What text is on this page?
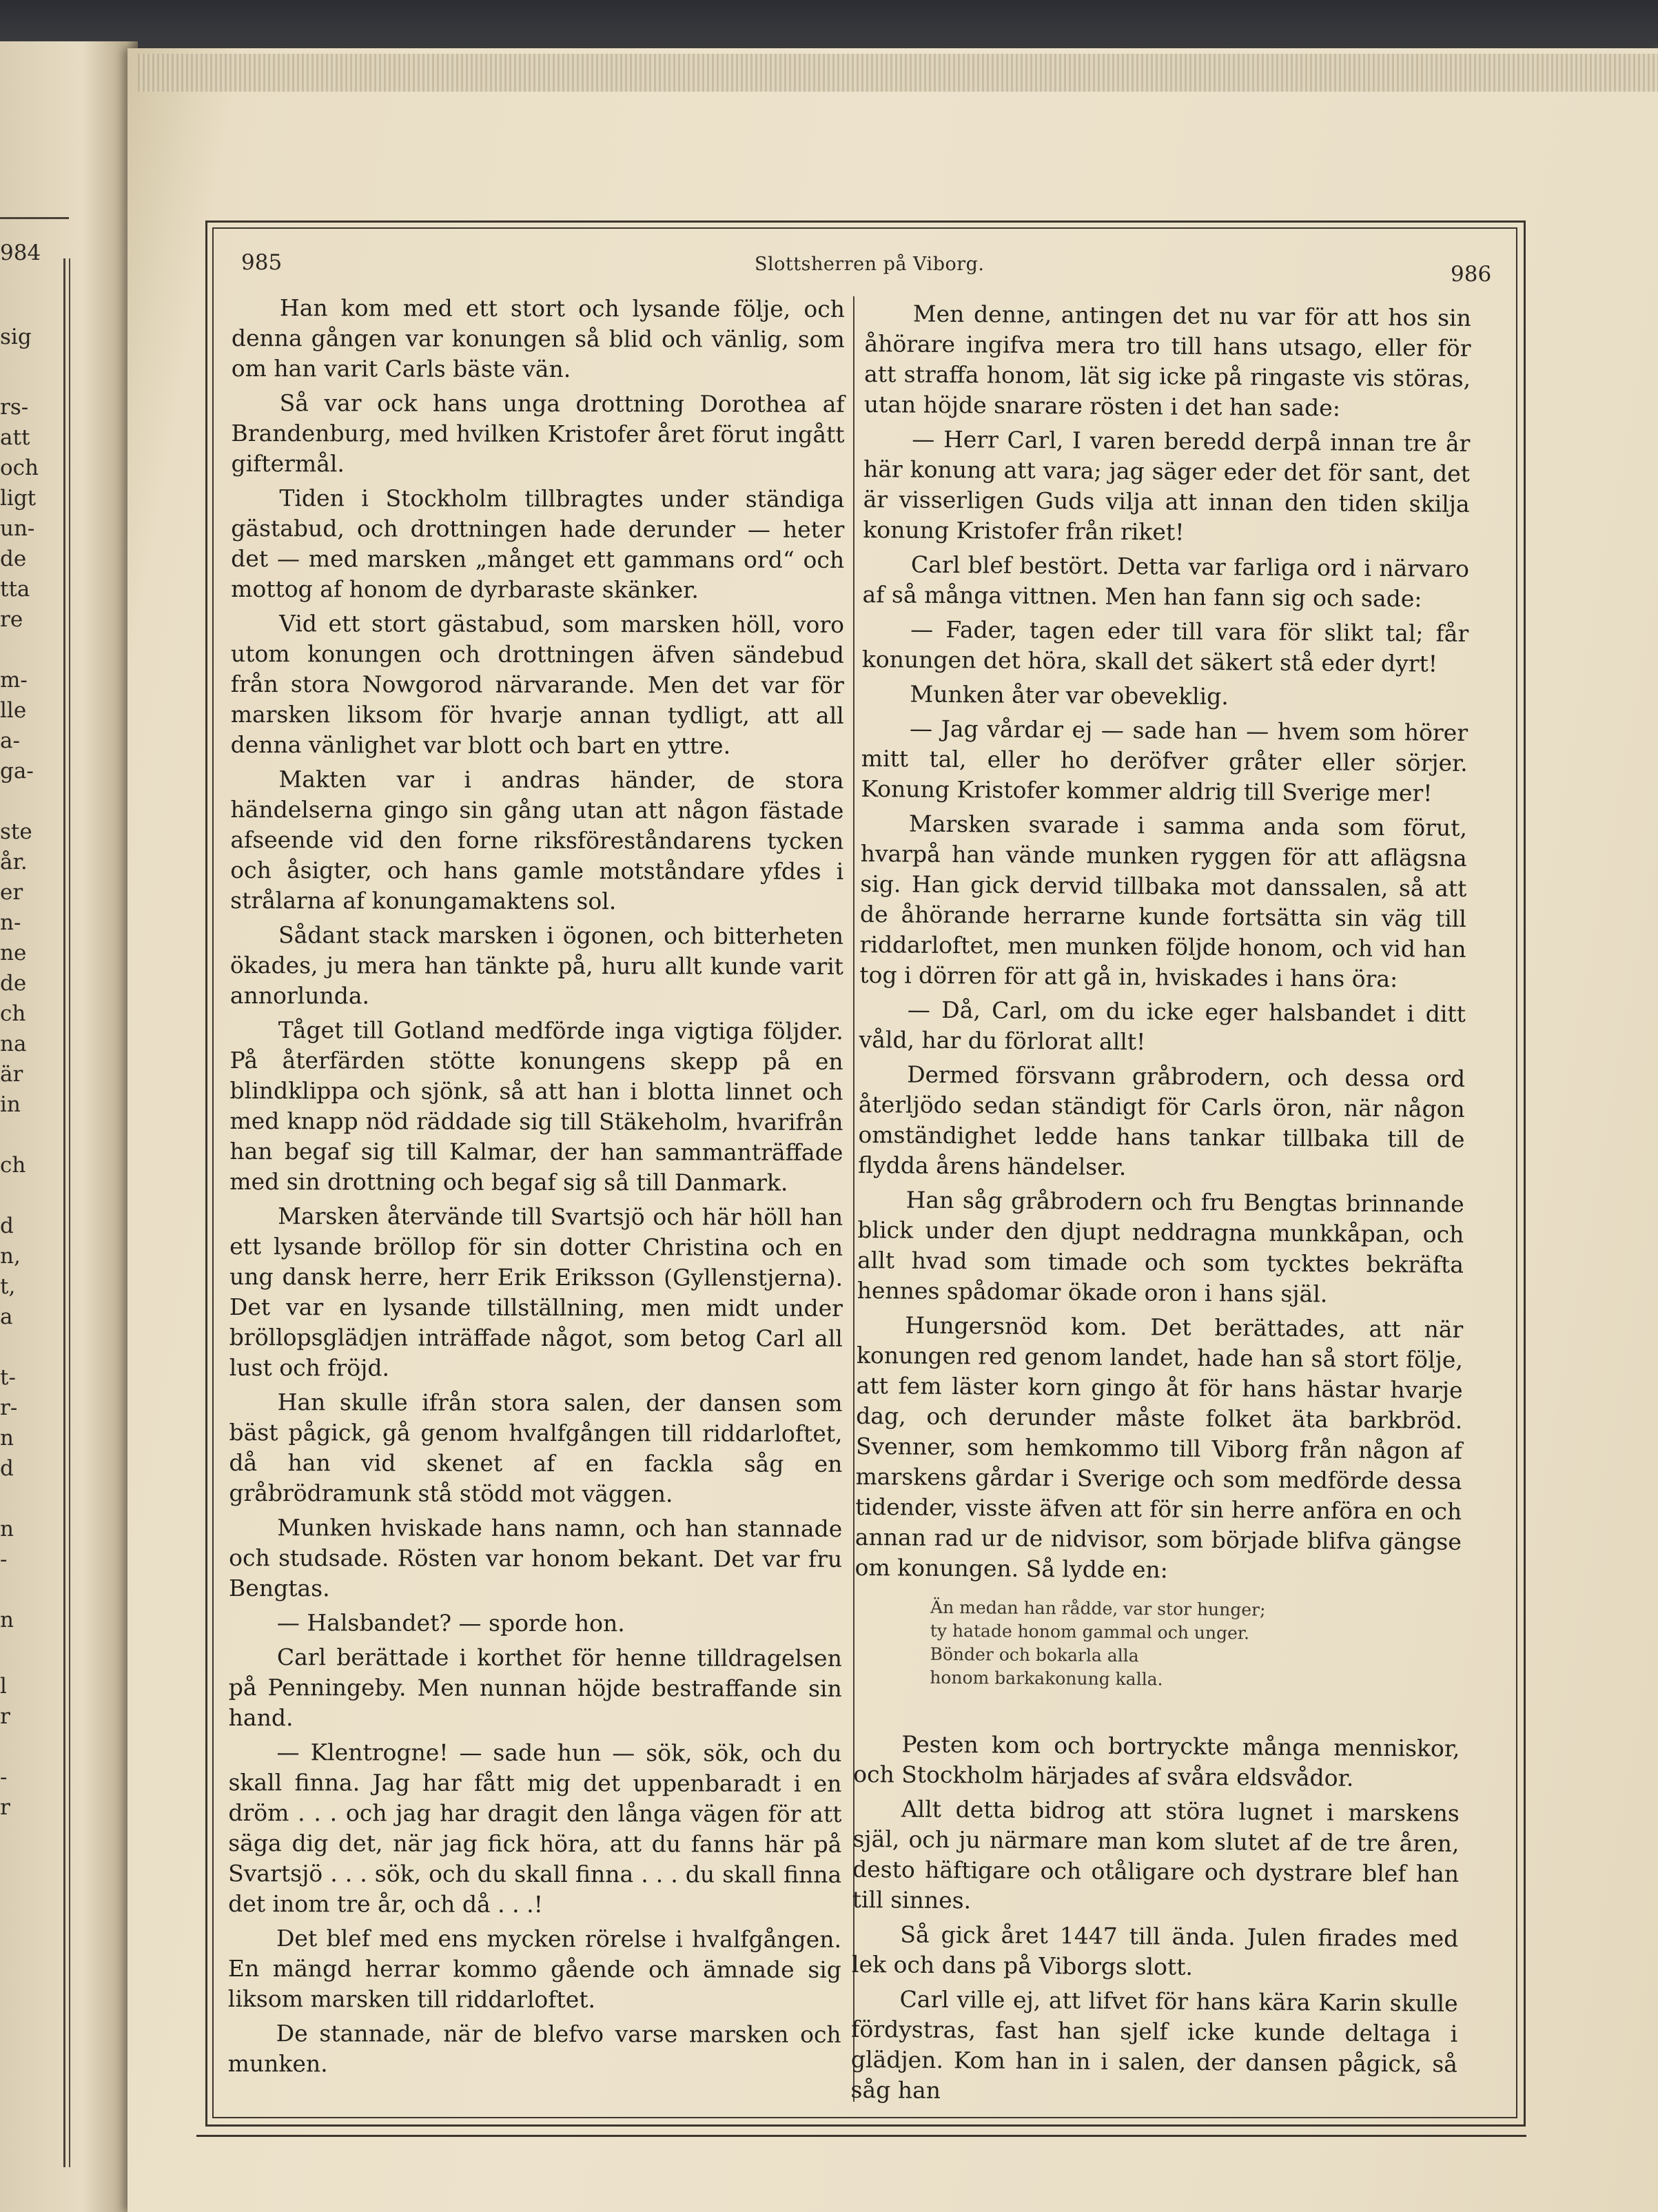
984
sig
rs-
att
och
ligt
un-
de
tta
re
m-
lle
a-
ga-
ste
år.
er
n-
ne
de
ch
na
är
in
ch
d
n,
t,
a
t-
r-
n
d
n
-
n
l
r
-
r
985	Slottsherren på Viborg.	986

Han kom med ett stort och lysande följe, och denna gången var konungen så blid och vänlig, som om han varit Carls bäste vän.

Så var ock hans unga drottning Dorothea af Brandenburg, med hvilken Kristofer året förut ingått giftermål.

Tiden i Stockholm tillbragtes under ständiga gästabud, och drottningen hade derunder — heter det — med marsken „månget ett gammans ord“ och mottog af honom de dyrbaraste skänker.

Vid ett stort gästabud, som marsken höll, voro utom konungen och drottningen äfven sändebud från stora Nowgorod närvarande. Men det var för marsken liksom för hvarje annan tydligt, att all denna vänlighet var blott och bart en yttre.

Makten var i andras händer, de stora händelserna gingo sin gång utan att någon fästade afseende vid den forne riksföreståndarens tycken och åsigter, och hans gamle motståndare yfdes i strålarna af konungamaktens sol.

Sådant stack marsken i ögonen, och bitterheten ökades, ju mera han tänkte på, huru allt kunde varit annorlunda.

Tåget till Gotland medförde inga vigtiga följder. På återfärden stötte konungens skepp på en blindklippa och sjönk, så att han i blotta linnet och med knapp nöd räddade sig till Stäkeholm, hvarifrån han begaf sig till Kalmar, der han sammanträffade med sin drottning och begaf sig så till Danmark.

Marsken återvände till Svartsjö och här höll han ett lysande bröllop för sin dotter Christina och en ung dansk herre, herr Erik Eriksson (Gyllenstjerna). Det var en lysande tillställning, men midt under bröllopsglädjen inträffade något, som betog Carl all lust och fröjd.

Han skulle ifrån stora salen, der dansen som bäst pågick, gå genom hvalfgången till riddarloftet, då han vid skenet af en fackla såg en gråbrödramunk stå stödd mot väggen.

Munken hviskade hans namn, och han stannade och studsade. Rösten var honom bekant. Det var fru Bengtas.

— Halsbandet? — sporde hon.

Carl berättade i korthet för henne tilldragelsen på Penningeby. Men nunnan höjde bestraffande sin hand.

— Klentrogne! — sade hun — sök, sök, och du skall finna. Jag har fått mig det uppenbaradt i en dröm . . . och jag har dragit den långa vägen för att säga dig det, när jag fick höra, att du fanns här på Svartsjö . . . sök, och du skall finna . . . du skall finna det inom tre år, och då . . .!

Det blef med ens mycken rörelse i hvalfgången. En mängd herrar kommo gående och ämnade sig liksom marsken till riddarloftet.

De stannade, när de blefvo varse marsken och munken.

Men denne, antingen det nu var för att hos sin åhörare ingifva mera tro till hans utsago, eller för att straffa honom, lät sig icke på ringaste vis störas, utan höjde snarare rösten i det han sade:

— Herr Carl, I varen beredd derpå innan tre år här konung att vara; jag säger eder det för sant, det är visserligen Guds vilja att innan den tiden skilja konung Kristofer från riket!

Carl blef bestört. Detta var farliga ord i närvaro af så många vittnen. Men han fann sig och sade:

— Fader, tagen eder till vara för slikt tal; får konungen det höra, skall det säkert stå eder dyrt!

Munken åter var obeveklig.

— Jag vårdar ej — sade han — hvem som hörer mitt tal, eller ho deröfver gråter eller sörjer. Konung Kristofer kommer aldrig till Sverige mer!

Marsken svarade i samma anda som förut, hvarpå han vände munken ryggen för att aflägsna sig. Han gick dervid tillbaka mot danssalen, så att de åhörande herrarne kunde fortsätta sin väg till riddarloftet, men munken följde honom, och vid han tog i dörren för att gå in, hviskades i hans öra:

— Då, Carl, om du icke eger halsbandet i ditt våld, har du förlorat allt!

Dermed försvann gråbrodern, och dessa ord återljödo sedan ständigt för Carls öron, när någon omständighet ledde hans tankar tillbaka till de flydda årens händelser.

Han såg gråbrodern och fru Bengtas brinnande blick under den djupt neddragna munkkåpan, och allt hvad som timade och som tycktes bekräfta hennes spådomar ökade oron i hans själ.

Hungersnöd kom. Det berättades, att när konungen red genom landet, hade han så stort följe, att fem läster korn gingo åt för hans hästar hvarje dag, och derunder måste folket äta barkbröd. Svenner, som hemkommo till Viborg från någon af marskens gårdar i Sverige och som medförde dessa tidender, visste äfven att för sin herre anföra en och annan rad ur de nidvisor, som började blifva gängse om konungen. Så lydde en:

Än medan han rådde, var stor hunger;
ty hatade honom gammal och unger.
Bönder och bokarla alla
honom barkakonung kalla.

Pesten kom och bortryckte många menniskor, och Stockholm härjades af svåra eldsvådor.

Allt detta bidrog att störa lugnet i marskens själ, och ju närmare man kom slutet af de tre åren, desto häftigare och otåligare och dystrare blef han till sinnes.

Så gick året 1447 till ända. Julen firades med lek och dans på Viborgs slott.

Carl ville ej, att lifvet för hans kära Karin skulle fördystras, fast han sjelf icke kunde deltaga i glädjen. Kom han in i salen, der dansen pågick, så såg han
